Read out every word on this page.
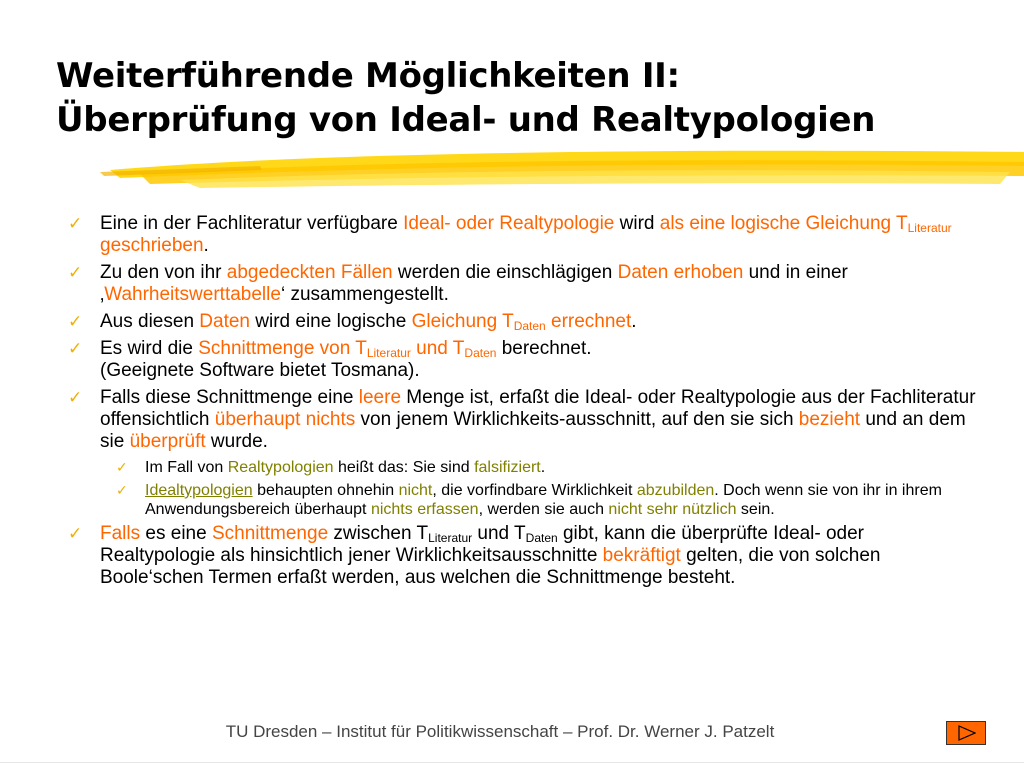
Weiterführende Möglichkeiten II:
Überprüfung von Ideal- und Realtypologien
✓ Eine in der Fachliteratur verfügbare Ideal- oder Realtypologie wird als eine logische Gleichung $T_{Literatur}$ geschrieben.
✓ Zu den von ihr abgedeckten Fällen werden die einschlägigen Daten erhoben und in einer ‚Wahrheitswerttabelle‘ zusammengestellt.
✓ Aus diesen Daten wird eine logische Gleichung $T_{Daten}$ errechnet.
✓ Es wird die Schnittmenge von $T_{Literatur}$ und $T_{Daten}$ berechnet.
(Geeignete Software bietet Tosmana).
✓ Falls diese Schnittmenge eine leere Menge ist, erfaßt die Ideal- oder Realtypologie aus der Fachliteratur offensichtlich überhaupt nichts von jenem Wirklichkeits-ausschnitt, auf den sie sich bezieht und an dem sie überprüft wurde.
✓ Im Fall von Realtypologien heißt das: Sie sind falsifiziert.
✓ Idealtypologien behaupten ohnehin nicht, die vorfindbare Wirklichkeit abzubilden. Doch wenn sie von ihr in ihrem Anwendungsbereich überhaupt nichts erfassen, werden sie auch nicht sehr nützlich sein.
✓ Falls es eine Schnittmenge zwischen $T_{Literatur}$ und $T_{Daten}$ gibt, kann die überprüfte Ideal- oder Realtypologie als hinsichtlich jener Wirklichkeitsausschnitte bekräftigt gelten, die von solchen Boole‘schen Termen erfaßt werden, aus welchen die Schnittmenge besteht.
TU Dresden – Institut für Politikwissenschaft – Prof. Dr. Werner J. Patzelt
